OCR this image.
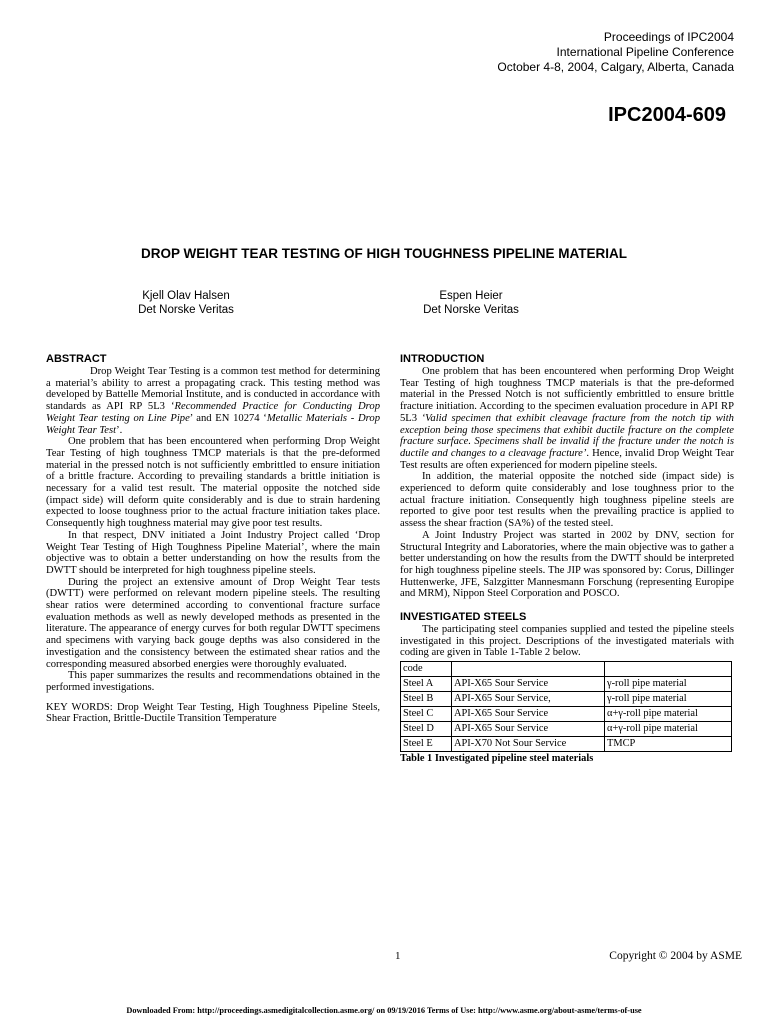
Proceedings of IPC2004
International Pipeline Conference
October 4-8, 2004, Calgary, Alberta, Canada
IPC2004-609
DROP WEIGHT TEAR TESTING OF HIGH TOUGHNESS PIPELINE MATERIAL
Kjell Olav Halsen
Det Norske Veritas
Espen Heier
Det Norske Veritas

ABSTRACT

Drop Weight Tear Testing is a common test method for determining a material’s ability to arrest a propagating crack. This testing method was developed by Battelle Memorial Institute, and is conducted in accordance with standards as API RP 5L3 ‘Recommended Practice for Conducting Drop Weight Tear testing on Line Pipe’ and EN 10274 ‘Metallic Materials - Drop Weight Tear Test’.

One problem that has been encountered when performing Drop Weight Tear Testing of high toughness TMCP materials is that the pre-deformed material in the pressed notch is not sufficiently embrittled to ensure initiation of a brittle fracture. According to prevailing standards a brittle initiation is necessary for a valid test result. The material opposite the notched side (impact side) will deform quite considerably and is due to strain hardening expected to loose toughness prior to the actual fracture initiation takes place. Consequently high toughness material may give poor test results.

In that respect, DNV initiated a Joint Industry Project called ‘Drop Weight Tear Testing of High Toughness Pipeline Material’, where the main objective was to obtain a better understanding on how the results from the DWTT should be interpreted for high toughness pipeline steels.

During the project an extensive amount of Drop Weight Tear tests (DWTT) were performed on relevant modern pipeline steels. The resulting shear ratios were determined according to conventional fracture surface evaluation methods as well as newly developed methods as presented in the literature. The appearance of energy curves for both regular DWTT specimens and specimens with varying back gouge depths was also considered in the investigation and the consistency between the estimated shear ratios and the corresponding measured absorbed energies were thoroughly evaluated.

This paper summarizes the results and recommendations obtained in the performed investigations.

KEY WORDS: Drop Weight Tear Testing, High Toughness Pipeline Steels, Shear Fraction, Brittle-Ductile Transition Temperature

INTRODUCTION

One problem that has been encountered when performing Drop Weight Tear Testing of high toughness TMCP materials is that the pre-deformed material in the Pressed Notch is not sufficiently embrittled to ensure brittle fracture initiation. According to the specimen evaluation procedure in API RP 5L3 ‘Valid specimen that exhibit cleavage fracture from the notch tip with exception being those specimens that exhibit ductile fracture on the complete fracture surface. Specimens shall be invalid if the fracture under the notch is ductile and changes to a cleavage fracture’. Hence, invalid Drop Weight Tear Test results are often experienced for modern pipeline steels.

In addition, the material opposite the notched side (impact side) is experienced to deform quite considerably and lose toughness prior to the actual fracture initiation. Consequently high toughness pipeline steels are reported to give poor test results when the prevailing practice is applied to assess the shear fraction (SA%) of the tested steel.

A Joint Industry Project was started in 2002 by DNV, section for Structural Integrity and Laboratories, where the main objective was to gather a better understanding on how the results from the DWTT should be interpreted for high toughness pipeline steels. The JIP was sponsored by: Corus, Dillinger Huttenwerke, JFE, Salzgitter Mannesmann Forschung (representing Europipe and MRM), Nippon Steel Corporation and POSCO.

INVESTIGATED STEELS

The participating steel companies supplied and tested the pipeline steels investigated in this project. Descriptions of the investigated materials with coding are given in Table 1-Table 2 below.

code		
Steel A	API-X65 Sour Service	γ-roll pipe material
Steel B	API-X65 Sour Service,	γ-roll pipe material
Steel C	API-X65 Sour Service	α+γ-roll pipe material
Steel D	API-X65 Sour Service	α+γ-roll pipe material
Steel E	API-X70 Not Sour Service	TMCP
Table 1 Investigated pipeline steel materials
1	Copyright © 2004 by ASME
Downloaded From: http://proceedings.asmedigitalcollection.asme.org/ on 09/19/2016 Terms of Use: http://www.asme.org/about-asme/terms-of-use
